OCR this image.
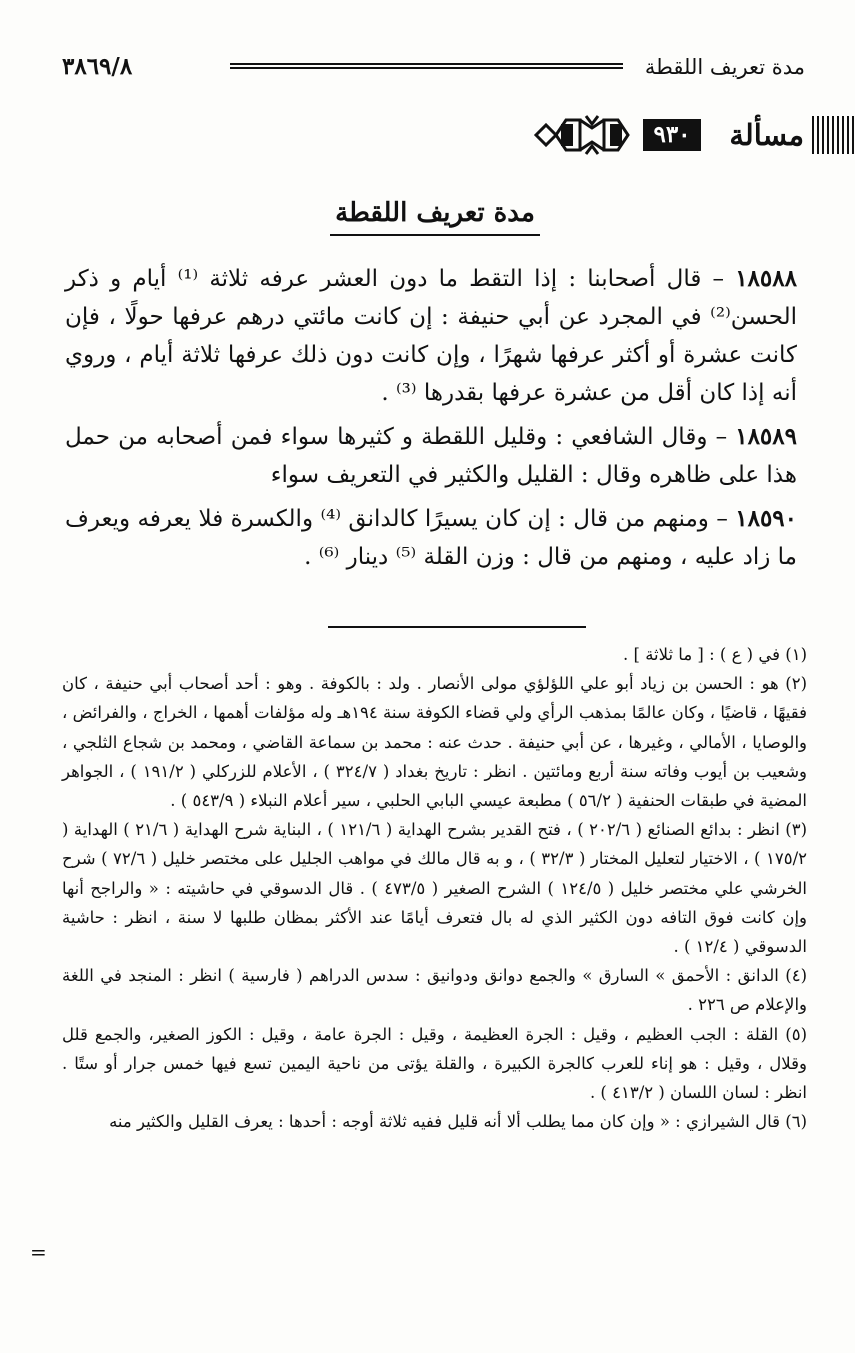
مدة تعريف اللقطة
٣٨٦٩/٨
مسألة
٩٣٠
مدة تعريف اللقطة

١٨٥٨٨ – قال أصحابنا : إذا التقط ما دون العشر عرفه ثلاثة ⁽¹⁾ أيام و ذكر الحسن⁽²⁾ في المجرد عن أبي حنيفة : إن كانت مائتي درهم عرفها حولًا ، فإن كانت عشرة أو أكثر عرفها شهرًا ، وإن كانت دون ذلك عرفها ثلاثة أيام ، وروي أنه إذا كان أقل من عشرة عرفها بقدرها ⁽³⁾ .

١٨٥٨٩ – وقال الشافعي : وقليل اللقطة و كثيرها سواء فمن أصحابه من حمل هذا على ظاهره وقال : القليل والكثير في التعريف سواء

١٨٥٩٠ – ومنهم من قال : إن كان يسيرًا كالدانق ⁽⁴⁾ والكسرة فلا يعرفه ويعرف ما زاد عليه ، ومنهم من قال : وزن القلة ⁽⁵⁾ دينار ⁽⁶⁾ .

(١) في ( ع ) : [ ما ثلاثة ] .

(٢) هو : الحسن بن زياد أبو علي اللؤلؤي مولى الأنصار . ولد : بالكوفة . وهو : أحد أصحاب أبي حنيفة ، كان فقيهًا ، قاضيًا ، وكان عالمًا بمذهب الرأي ولي قضاء الكوفة سنة ١٩٤هـ وله مؤلفات أهمها ، الخراج ، والفرائض ، والوصايا ، الأمالي ، وغيرها ، عن أبي حنيفة . حدث عنه : محمد بن سماعة القاضي ، ومحمد بن شجاع الثلجي ، وشعيب بن أيوب وفاته سنة أربع ومائتين . انظر : تاريخ بغداد ( ٣٢٤/٧ ) ، الأعلام للزركلي ( ١٩١/٢ ) ، الجواهر المضية في طبقات الحنفية ( ٥٦/٢ ) مطبعة عيسي البابي الحلبي ، سير أعلام النبلاء ( ٥٤٣/٩ ) .

(٣) انظر : بدائع الصنائع ( ٢٠٢/٦ ) ، فتح القدير بشرح الهداية ( ١٢١/٦ ) ، البناية شرح الهداية ( ٢١/٦ ) الهداية ( ١٧٥/٢ ) ، الاختيار لتعليل المختار ( ٣٢/٣ ) ، و به قال مالك في مواهب الجليل على مختصر خليل ( ٧٢/٦ ) شرح الخرشي علي مختصر خليل ( ١٢٤/٥ ) الشرح الصغير ( ٤٧٣/٥ ) . قال الدسوقي في حاشيته : « والراجح أنها وإن كانت فوق التافه دون الكثير الذي له بال فتعرف أيامًا عند الأكثر بمظان طلبها لا سنة ، انظر : حاشية الدسوقي ( ١٢/٤ ) .

(٤) الدانق : الأحمق » السارق » والجمع دوانق ودوانيق : سدس الدراهم ( فارسية ) انظر : المنجد في اللغة والإعلام ص ٢٢٦ .

(٥) القلة : الجب العظيم ، وقيل : الجرة العظيمة ، وقيل : الجرة عامة ، وقيل : الكوز الصغير، والجمع قلل وقلال ، وقيل : هو إناء للعرب كالجرة الكبيرة ، والقلة يؤتى من ناحية اليمين تسع فيها خمس جرار أو ستًا . انظر : لسان اللسان ( ٤١٣/٢ ) .

(٦) قال الشيرازي : « وإن كان مما يطلب ألا أنه قليل ففيه ثلاثة أوجه : أحدها : يعرف القليل والكثير منه

=
